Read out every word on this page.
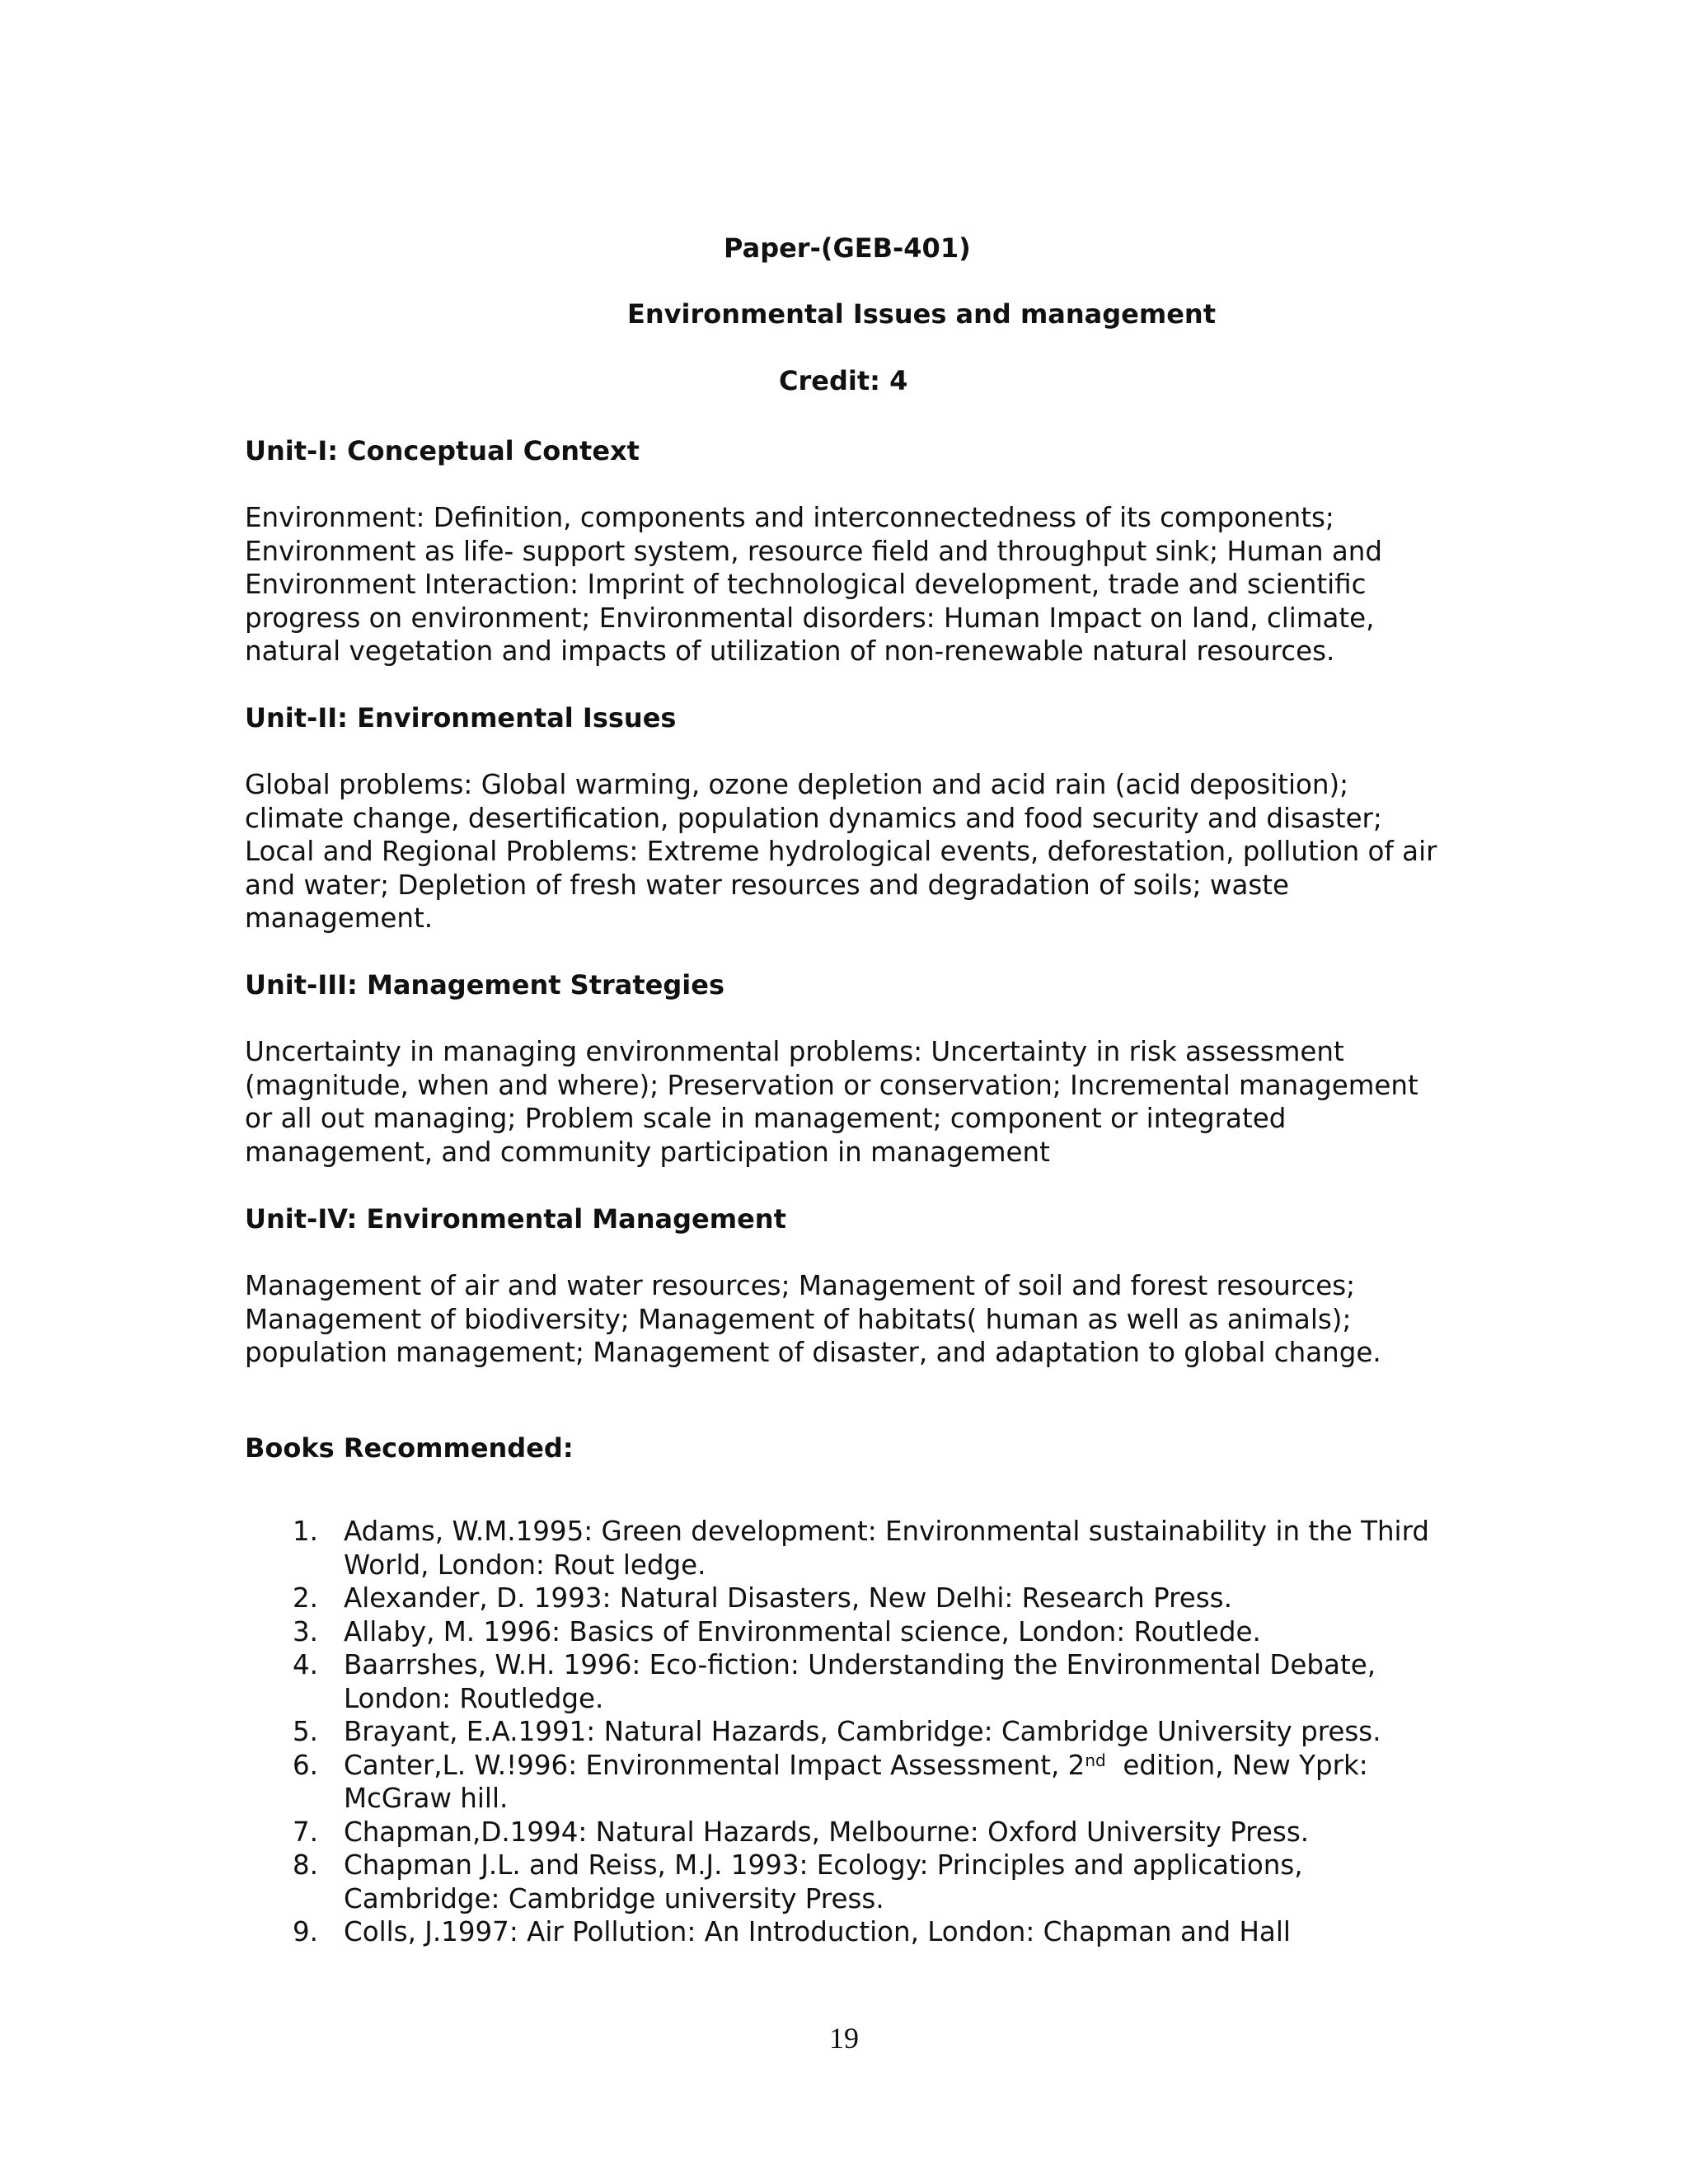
Paper-(GEB-401)
Environmental Issues and management
Credit: 4
Unit-I: Conceptual Context
Environment: Definition, components and interconnectedness of its components;
Environment as life- support system, resource field and throughput sink; Human and
Environment Interaction: Imprint of technological development, trade and scientific
progress on environment; Environmental disorders: Human Impact on land, climate,
natural vegetation and impacts of utilization of non-renewable natural resources.
Unit-II: Environmental Issues
Global problems: Global warming, ozone depletion and acid rain (acid deposition);
climate change, desertification, population dynamics and food security and disaster;
Local and Regional Problems: Extreme hydrological events, deforestation, pollution of air
and water; Depletion of fresh water resources and degradation of soils; waste
management.
Unit-III: Management Strategies
Uncertainty in managing environmental problems: Uncertainty in risk assessment
(magnitude, when and where); Preservation or conservation; Incremental management
or all out managing; Problem scale in management; component or integrated
management, and community participation in management
Unit-IV: Environmental Management
Management of air and water resources; Management of soil and forest resources;
Management of biodiversity; Management of habitats( human as well as animals);
population management; Management of disaster, and adaptation to global change.
Books Recommended:
1. Adams, W.M.1995: Green development: Environmental sustainability in the Third
World, London: Rout ledge.
2. Alexander, D. 1993: Natural Disasters, New Delhi: Research Press.
3. Allaby, M. 1996: Basics of Environmental science, London: Routlede.
4. Baarrshes, W.H. 1996: Eco-fiction: Understanding the Environmental Debate,
London: Routledge.
5. Brayant, E.A.1991: Natural Hazards, Cambridge: Cambridge University press.
6. Canter,L. W.!996: Environmental Impact Assessment, 2nd  edition, New Yprk:
McGraw hill.
7. Chapman,D.1994: Natural Hazards, Melbourne: Oxford University Press.
8. Chapman J.L. and Reiss, M.J. 1993: Ecology: Principles and applications,
Cambridge: Cambridge university Press.
9. Colls, J.1997: Air Pollution: An Introduction, London: Chapman and Hall
19
